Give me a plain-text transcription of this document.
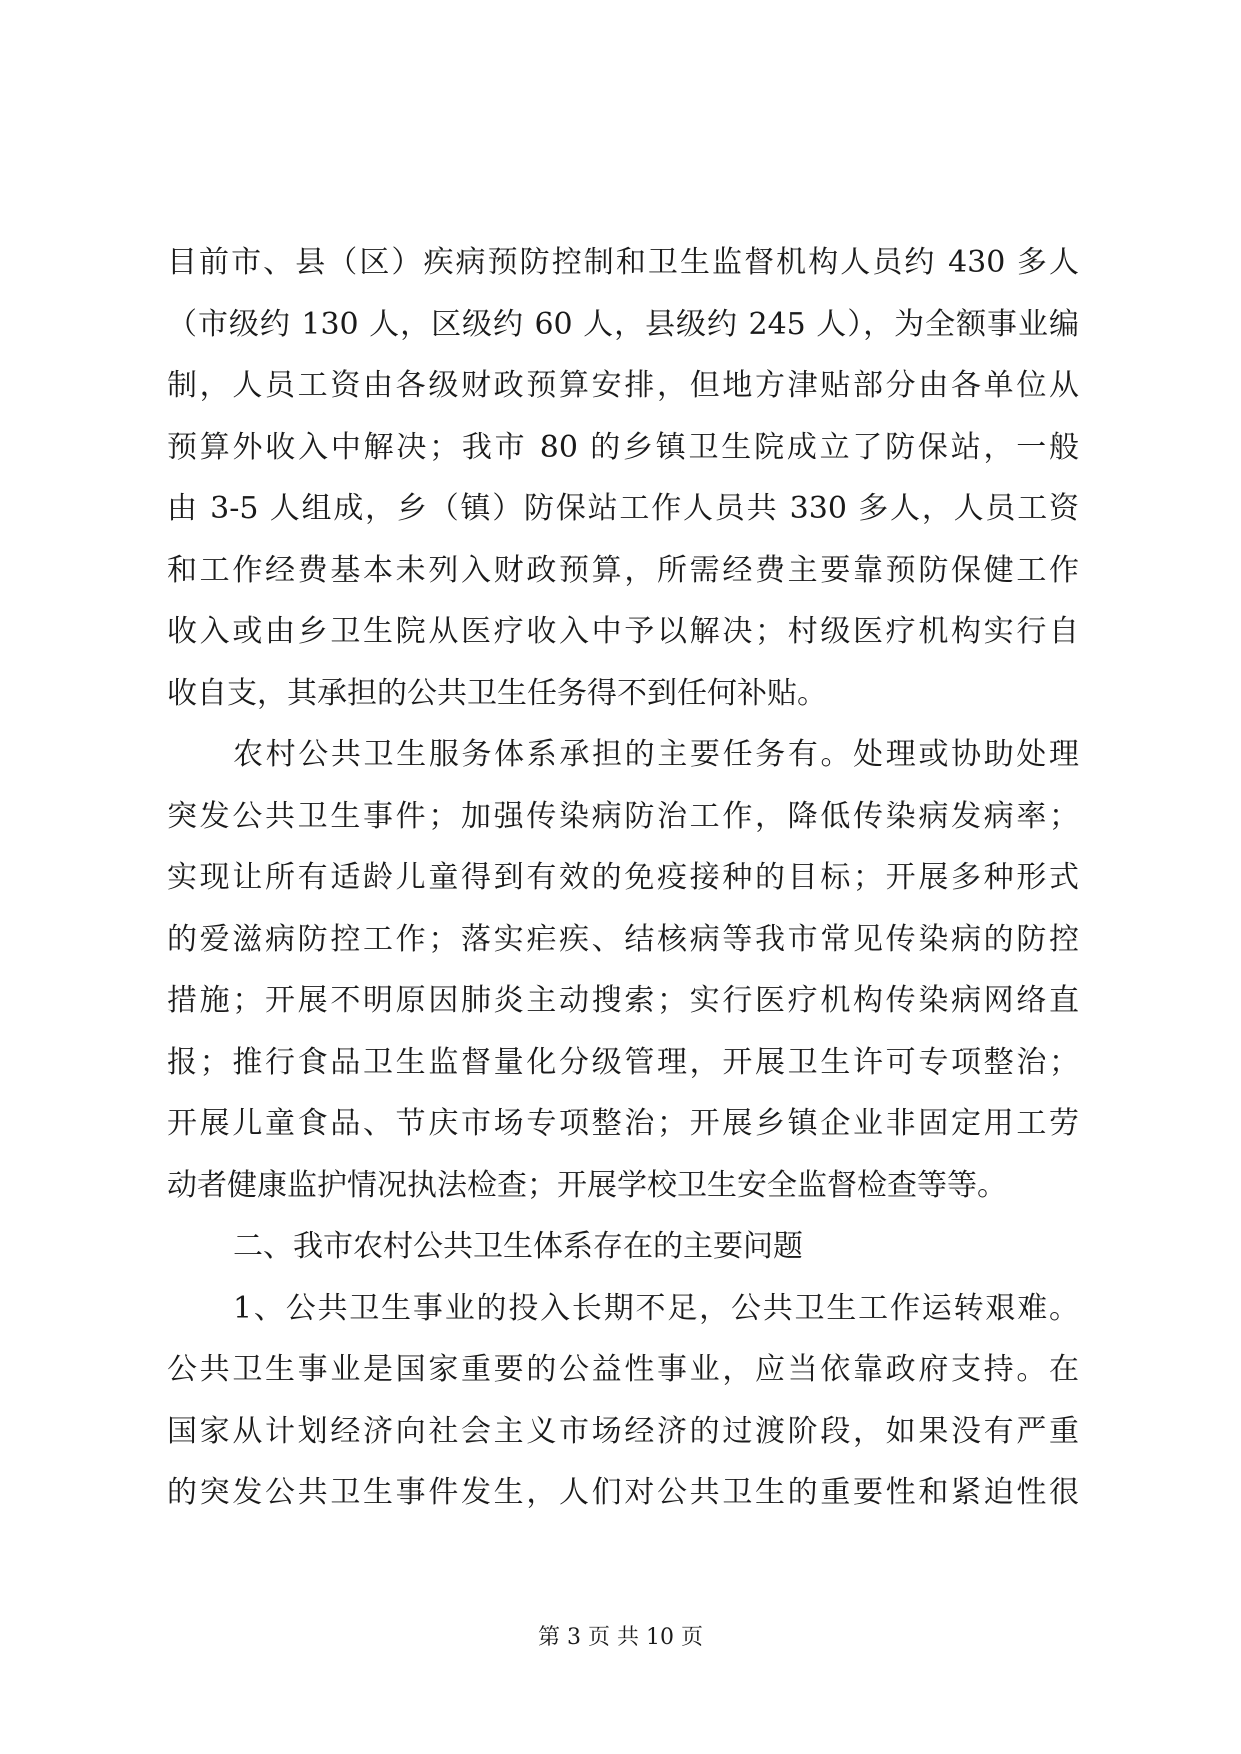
目前市、县（区）疾病预防控制和卫生监督机构人员约 430 多人
（市级约 130 人，区级约 60 人，县级约 245 人），为全额事业编
制，人员工资由各级财政预算安排，但地方津贴部分由各单位从
预算外收入中解决；我市 80 的乡镇卫生院成立了防保站，一般
由 3-5 人组成，乡（镇）防保站工作人员共 330 多人，人员工资
和工作经费基本未列入财政预算，所需经费主要靠预防保健工作
收入或由乡卫生院从医疗收入中予以解决；村级医疗机构实行自
收自支，其承担的公共卫生任务得不到任何补贴。
农村公共卫生服务体系承担的主要任务有。处理或协助处理
突发公共卫生事件；加强传染病防治工作，降低传染病发病率；
实现让所有适龄儿童得到有效的免疫接种的目标；开展多种形式
的爱滋病防控工作；落实疟疾、结核病等我市常见传染病的防控
措施；开展不明原因肺炎主动搜索；实行医疗机构传染病网络直
报；推行食品卫生监督量化分级管理，开展卫生许可专项整治；
开展儿童食品、节庆市场专项整治；开展乡镇企业非固定用工劳
动者健康监护情况执法检查；开展学校卫生安全监督检查等等。
二、我市农村公共卫生体系存在的主要问题
1、公共卫生事业的投入长期不足，公共卫生工作运转艰难。
公共卫生事业是国家重要的公益性事业，应当依靠政府支持。在
国家从计划经济向社会主义市场经济的过渡阶段，如果没有严重
的突发公共卫生事件发生，人们对公共卫生的重要性和紧迫性很
第 3 页 共 10 页
